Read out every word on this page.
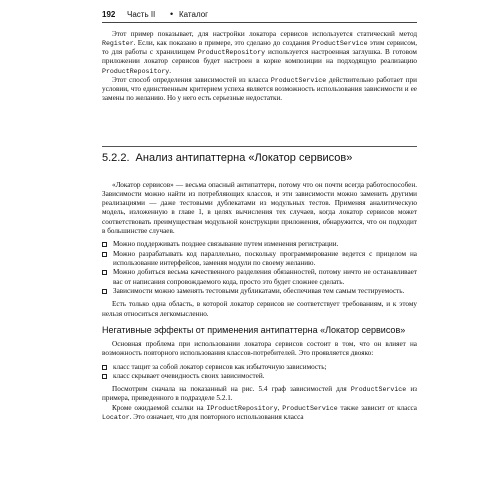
192 Часть II • Каталог

Этот пример показывает, для настройки локатора сервисов используется статический метод Register. Если, как показано в примере, это сделано до создания ProductService этим сервисом, то для работы с хранилищем ProductRepository используется настроенная заглушка. В готовом приложении локатор сервисов будет настроен в корне композиции на подходящую реализацию ProductRepository.

Этот способ определения зависимостей из класса ProductService действительно работает при условии, что единственным критерием успеха является возможность использования зависимости и ее замены по желанию. Но у него есть серьезные недостатки.

5.2.2. Анализ антипаттерна «Локатор сервисов»

«Локатор сервисов» — весьма опасный антипаттерн, потому что он почти всегда работоспособен. Зависимости можно найти из потребляющих классов, и эти зависимости можно заменить другими реализациями — даже тестовыми дублекатами из модульных тестов. Применяя аналитическую модель, изложенную в главе 1, в целях вычисления тех случаев, когда локатор сервисов может соответствовать преимуществам модульной конструкции приложения, обнаружится, что он подходит в большинстве случаев.

Можно поддерживать позднее связывание путем изменения регистрации.
Можно разрабатывать код параллельно, поскольку программирование ведется с прицелом на использование интерфейсов, заменяя модули по своему желанию.
Можно добиться весьма качественного разделения обязанностей, потому ничто не останавливает вас от написания сопровождаемого кода, просто это будет сложнее сделать.
Зависимости можно заменять тестовыми дубликатами, обеспечивая тем самым тестируемость.

Есть только одна область, в которой локатор сервисов не соответствует требованиям, и к этому нельзя относиться легкомысленно.

Негативные эффекты от применения антипаттерна «Локатор сервисов»

Основная проблема при использовании локатора сервисов состоит в том, что он влияет на возможность повторного использования классов-потребителей. Это проявляется двояко:

класс тащит за собой локатор сервисов как избыточную зависимость;
класс скрывает очевидность своих зависимостей.

Посмотрим сначала на показанный на рис. 5.4 граф зависимостей для ProductService из примера, приведенного в подразделе 5.2.1.

Кроме ожидаемой ссылки на IProductRepository, ProductService также зависит от класса Locator. Это означает, что для повторного использования класса
